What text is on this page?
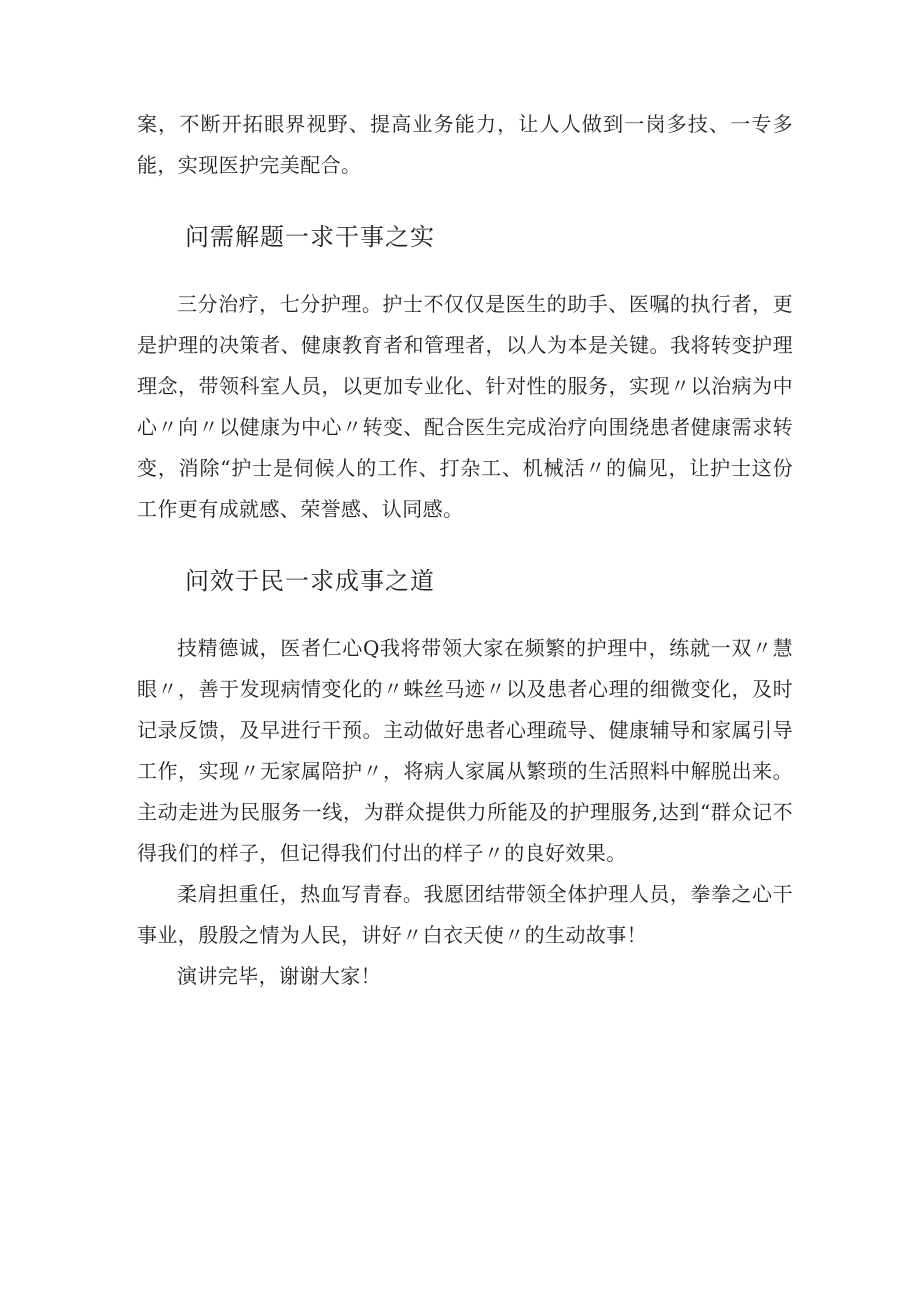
案，不断开拓眼界视野、提高业务能力，让人人做到一岗多技、一专多能，实现医护完美配合。

问需解题一求干事之实

三分治疗，七分护理。护士不仅仅是医生的助手、医嘱的执行者，更是护理的决策者、健康教育者和管理者，以人为本是关键。我将转变护理理念，带领科室人员，以更加专业化、针对性的服务，实现〃以治病为中心〃向〃以健康为中心〃转变、配合医生完成治疗向围绕患者健康需求转变，消除“护士是伺候人的工作、打杂工、机械活〃的偏见，让护士这份工作更有成就感、荣誉感、认同感。

问效于民一求成事之道

技精德诚，医者仁心Q我将带领大家在频繁的护理中，练就一双〃慧眼〃，善于发现病情变化的〃蛛丝马迹〃以及患者心理的细微变化，及时记录反馈，及早进行干预。主动做好患者心理疏导、健康辅导和家属引导工作，实现〃无家属陪护〃，将病人家属从繁琐的生活照料中解脱出来。主动走进为民服务一线，为群众提供力所能及的护理服务,达到“群众记不得我们的样子，但记得我们付出的样子〃的良好效果。

柔肩担重任，热血写青春。我愿团结带领全体护理人员，拳拳之心干事业，殷殷之情为人民，讲好〃白衣天使〃的生动故事！

演讲完毕，谢谢大家！
